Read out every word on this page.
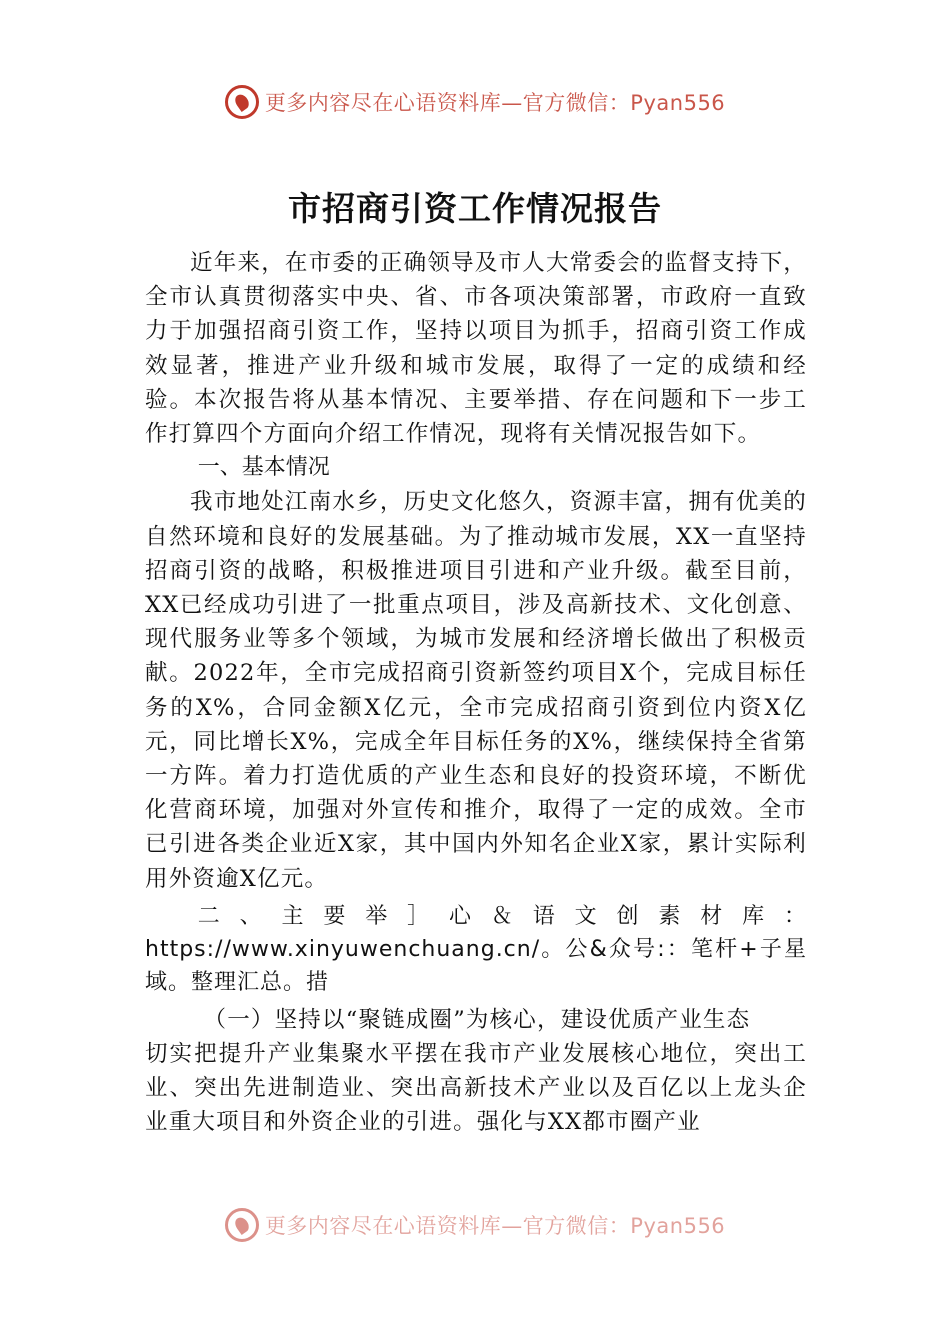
更多内容尽在心语资料库—官方微信：Pyan556
市招商引资工作情况报告

近年来，在市委的正确领导及市人大常委会的监督支持下，全市认真贯彻落实中央、省、市各项决策部署，市政府一直致力于加强招商引资工作，坚持以项目为抓手，招商引资工作成效显著，推进产业升级和城市发展，取得了一定的成绩和经验。本次报告将从基本情况、主要举措、存在问题和下一步工作打算四个方面向介绍工作情况，现将有关情况报告如下。

一、基本情况

我市地处江南水乡，历史文化悠久，资源丰富，拥有优美的自然环境和良好的发展基础。为了推动城市发展，XX一直坚持招商引资的战略，积极推进项目引进和产业升级。截至目前，XX已经成功引进了一批重点项目，涉及高新技术、文化创意、现代服务业等多个领域，为城市发展和经济增长做出了积极贡献。2022年，全市完成招商引资新签约项目X个，完成目标任务的X%，合同金额X亿元，全市完成招商引资到位内资X亿元，同比增长X%，完成全年目标任务的X%，继续保持全省第一方阵。着力打造优质的产业生态和良好的投资环境，不断优化营商环境，加强对外宣传和推介，取得了一定的成效。全市已引进各类企业近X家，其中国内外知名企业X家，累计实际利用外资逾X亿元。

二、主要举］心＆语文创素材库：https://www.xinyuwenchuang.cn/。公&众号:：笔杆+子星域。整理汇总。措

（一）坚持以“聚链成圈”为核心，建设优质产业生态

切实把提升产业集聚水平摆在我市产业发展核心地位，突出工业、突出先进制造业、突出高新技术产业以及百亿以上龙头企业重大项目和外资企业的引进。强化与XX都市圈产业

更多内容尽在心语资料库—官方微信：Pyan556
